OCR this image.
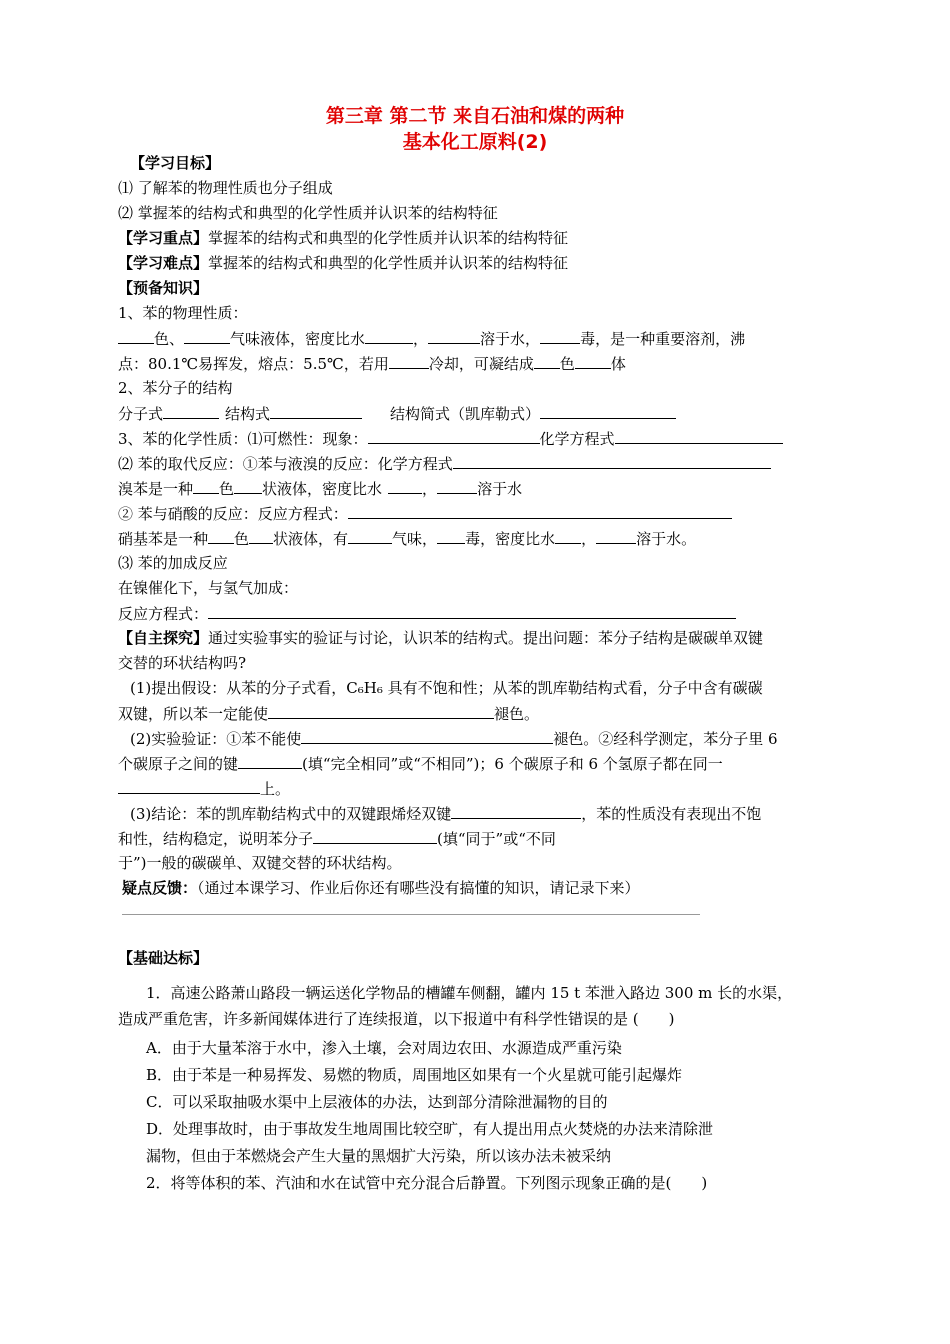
第三章 第二节 来自石油和煤的两种
基本化工原料(2)
【学习目标】
⑴ 了解苯的物理性质也分子组成
⑵ 掌握苯的结构式和典型的化学性质并认识苯的结构特征
【学习重点】掌握苯的结构式和典型的化学性质并认识苯的结构特征
【学习难点】掌握苯的结构式和典型的化学性质并认识苯的结构特征
【预备知识】
1、苯的物理性质：
色、	气味液体，密度比水	，	溶于水，	毒，是一种重要溶剂，沸
点：80.1℃易挥发，熔点：5.5℃，若用	冷却，可凝结成 色 体
2、苯分子的结构
分子式	结构式	结构简式（凯库勒式）
3、苯的化学性质：⑴可燃性：现象：	化学方程式
⑵ 苯的取代反应：①苯与液溴的反应：化学方程式
溴苯是一种 色 状液体，密度比水	，	溶于水
② 苯与硝酸的反应：反应方程式：
硝基苯是一种 色 状液体，有	气味， 毒，密度比水 ，	溶于水。
⑶ 苯的加成反应
在镍催化下，与氢气加成：
反应方程式：
【自主探究】通过实验事实的验证与讨论，认识苯的结构式。提出问题：苯分子结构是碳碳单双键
交替的环状结构吗?
(1)提出假设：从苯的分子式看，C₆H₆ 具有不饱和性；从苯的凯库勒结构式看，分子中含有碳碳
双键，所以苯一定能使	褪色。
(2)实验验证：①苯不能使	褪色。②经科学测定，苯分子里 6
个碳原子之间的键	(填“完全相同”或“不相同”)；6 个碳原子和 6 个氢原子都在同一
上。
(3)结论：苯的凯库勒结构式中的双键跟烯烃双键	，苯的性质没有表现出不饱
和性，结构稳定，说明苯分子	(填“同于”或“不同
于”)一般的碳碳单、双键交替的环状结构。
疑点反馈：（通过本课学习、作业后你还有哪些没有搞懂的知识，请记录下来）
【基础达标】
1．高速公路萧山路段一辆运送化学物品的槽罐车侧翻，罐内 15 t 苯泄入路边 300 m 长的水渠，
造成严重危害，许多新闻媒体进行了连续报道，以下报道中有科学性错误的是 (　　)
A．由于大量苯溶于水中，渗入土壤，会对周边农田、水源造成严重污染
B．由于苯是一种易挥发、易燃的物质，周围地区如果有一个火星就可能引起爆炸
C．可以采取抽吸水渠中上层液体的办法，达到部分清除泄漏物的目的
D．处理事故时，由于事故发生地周围比较空旷，有人提出用点火焚烧的办法来清除泄
漏物，但由于苯燃烧会产生大量的黑烟扩大污染，所以该办法未被采纳
2．将等体积的苯、汽油和水在试管中充分混合后静置。下列图示现象正确的是(　　)
